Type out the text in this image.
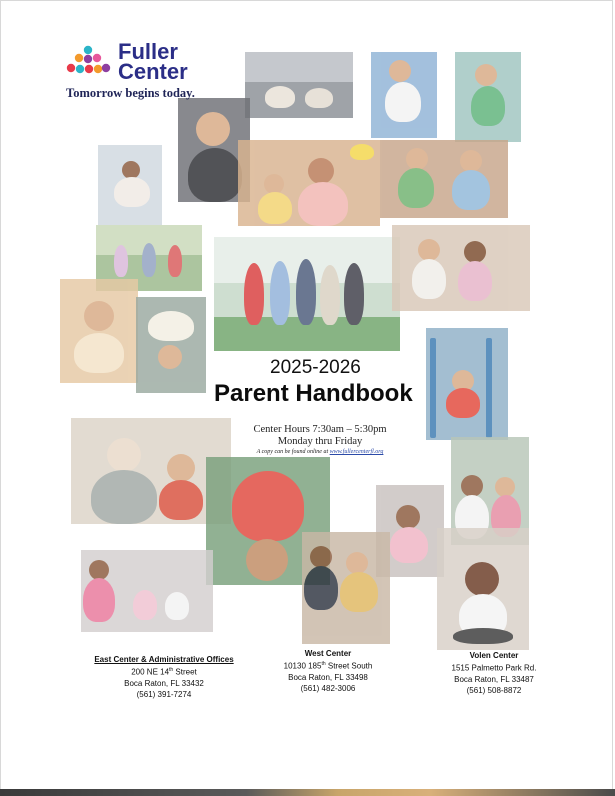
Fuller
Center
Tomorrow begins today.
2025-2026
Parent Handbook
Center Hours 7:30am – 5:30pm
Monday thru Friday
A copy can be found online at www.fullercenterfl.org
East Center & Administrative Offices
200 NE 14th Street
Boca Raton, FL 33432
(561) 391-7274
West Center
10130 185th Street South
Boca Raton, FL 33498
(561) 482-3006
Volen Center
1515 Palmetto Park Rd.
Boca Raton, FL 33487
(561) 508-8872
